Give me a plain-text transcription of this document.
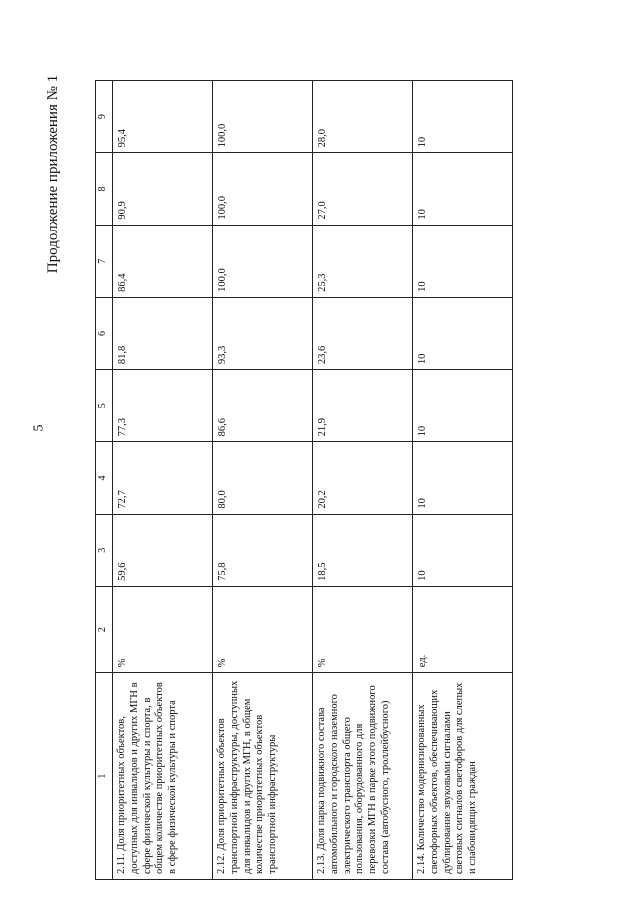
5
Продолжение приложения № 1
1	2	3	4	5	6	7	8	9
2.11. Доля приоритетных объектов, доступных для инвалидов и других МГН в сфере физической культуры и спорта, в общем количестве приоритетных объектов в сфере физической культуры и спорта	%	59,6	72,7	77,3	81,8	86,4	90,9	95,4
2.12. Доля приоритетных объектов транспортной инфраструктуры, доступных для инвалидов и других МГН, в общем количестве приоритетных объектов транспортной инфраструктуры	%	75,8	80,0	86,6	93,3	100,0	100,0	100,0
2.13. Доля парка подвижного состава автомобильного и городского наземного электрического транспорта общего пользования, оборудованного для перевозки МГН в парке этого подвижного состава (автобусного, троллейбусного)	%	18,5	20,2	21,9	23,6	25,3	27,0	28,0
2.14. Количество модернизированных светофорных объектов, обеспечивающих дублирование звуковыми сигналами световых сигналов светофоров для слепых и слабовидящих граждан	ед.	10	10	10	10	10	10	10
